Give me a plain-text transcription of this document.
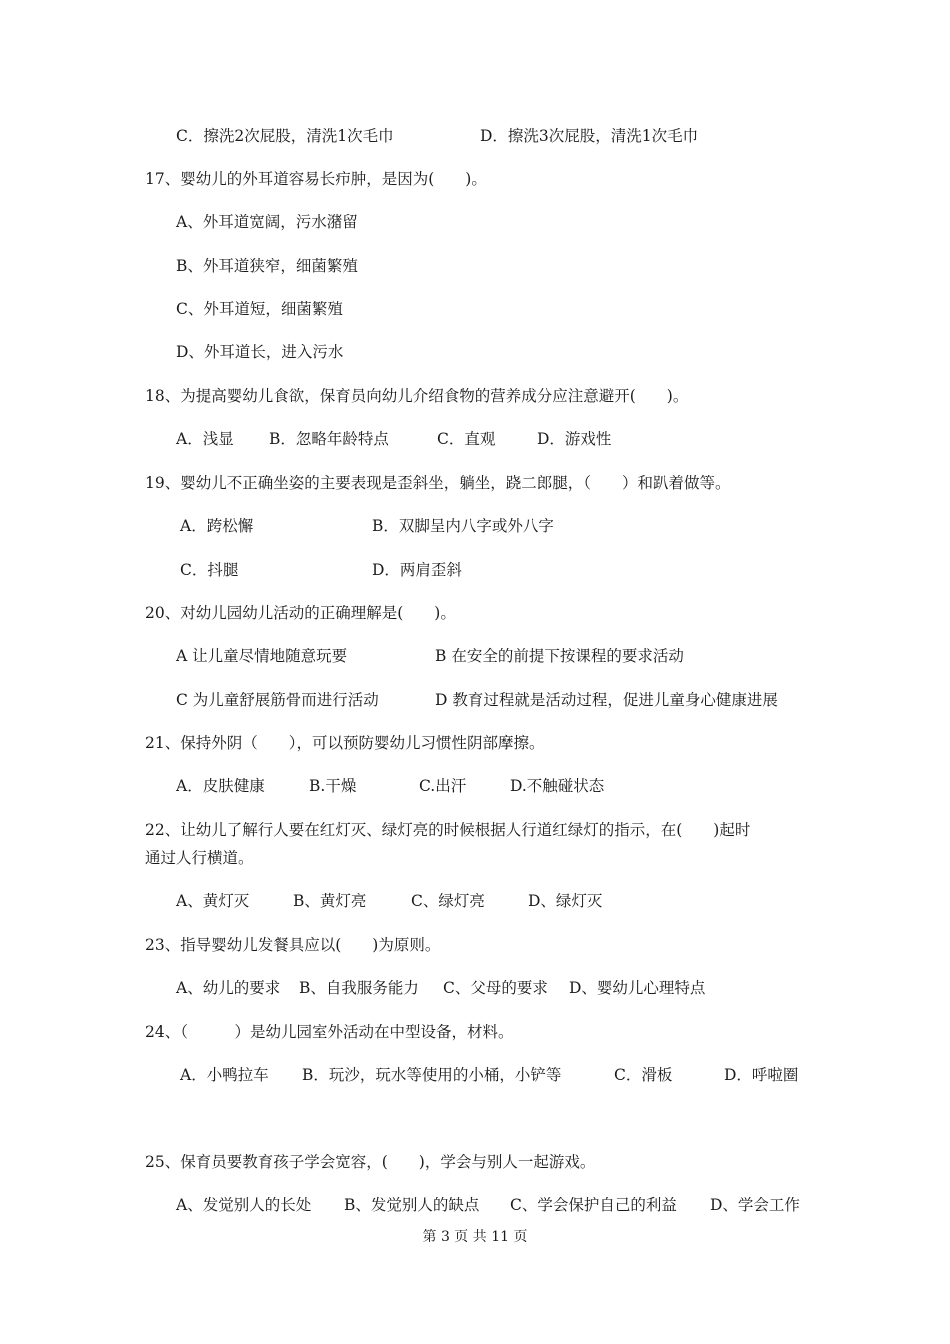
C．擦洗2次屁股，清洗1次毛巾	D．擦洗3次屁股，清洗1次毛巾
17、婴幼儿的外耳道容易长疖肿，是因为(　　)。
A、外耳道宽阔，污水潴留
B、外耳道狭窄，细菌繁殖
C、外耳道短，细菌繁殖
D、外耳道长，进入污水
18、为提高婴幼儿食欲，保育员向幼儿介绍食物的营养成分应注意避开(　　)。
A．浅显 B．忽略年龄特点	C．直观	D．游戏性
19、婴幼儿不正确坐姿的主要表现是歪斜坐，躺坐，跷二郎腿，（　　）和趴着做等。
A．跨松懈	B．双脚呈内八字或外八字
C．抖腿	D．两肩歪斜
20、对幼儿园幼儿活动的正确理解是(　　)。
A 让儿童尽情地随意玩要	B 在安全的前提下按课程的要求活动
C 为儿童舒展筋骨而进行活动	D 教育过程就是活动过程，促进儿童身心健康进展
21、保持外阴（　　），可以预防婴幼儿习惯性阴部摩擦。
A．皮肤健康	B.干燥	C.出汗	D.不触碰状态
22、让幼儿了解行人要在红灯灭、绿灯亮的时候根据人行道红绿灯的指示，在(　　)起时
通过人行横道。
A、黄灯灭	B、黄灯亮	C、绿灯亮	D、绿灯灭
23、指导婴幼儿发餐具应以(　　)为原则。
A、幼儿的要求 B、自我服务能力 C、父母的要求 D、婴幼儿心理特点
24、（　　　）是幼儿园室外活动在中型设备，材料。
A．小鸭拉车 B．玩沙，玩水等使用的小桶，小铲等	C．滑板	D．呼啦圈
25、保育员要教育孩子学会宽容，(　　)，学会与别人一起游戏。
A、发觉别人的长处 B、发觉别人的缺点 C、学会保护自己的利益 D、学会工作
第 3 页 共 11 页
